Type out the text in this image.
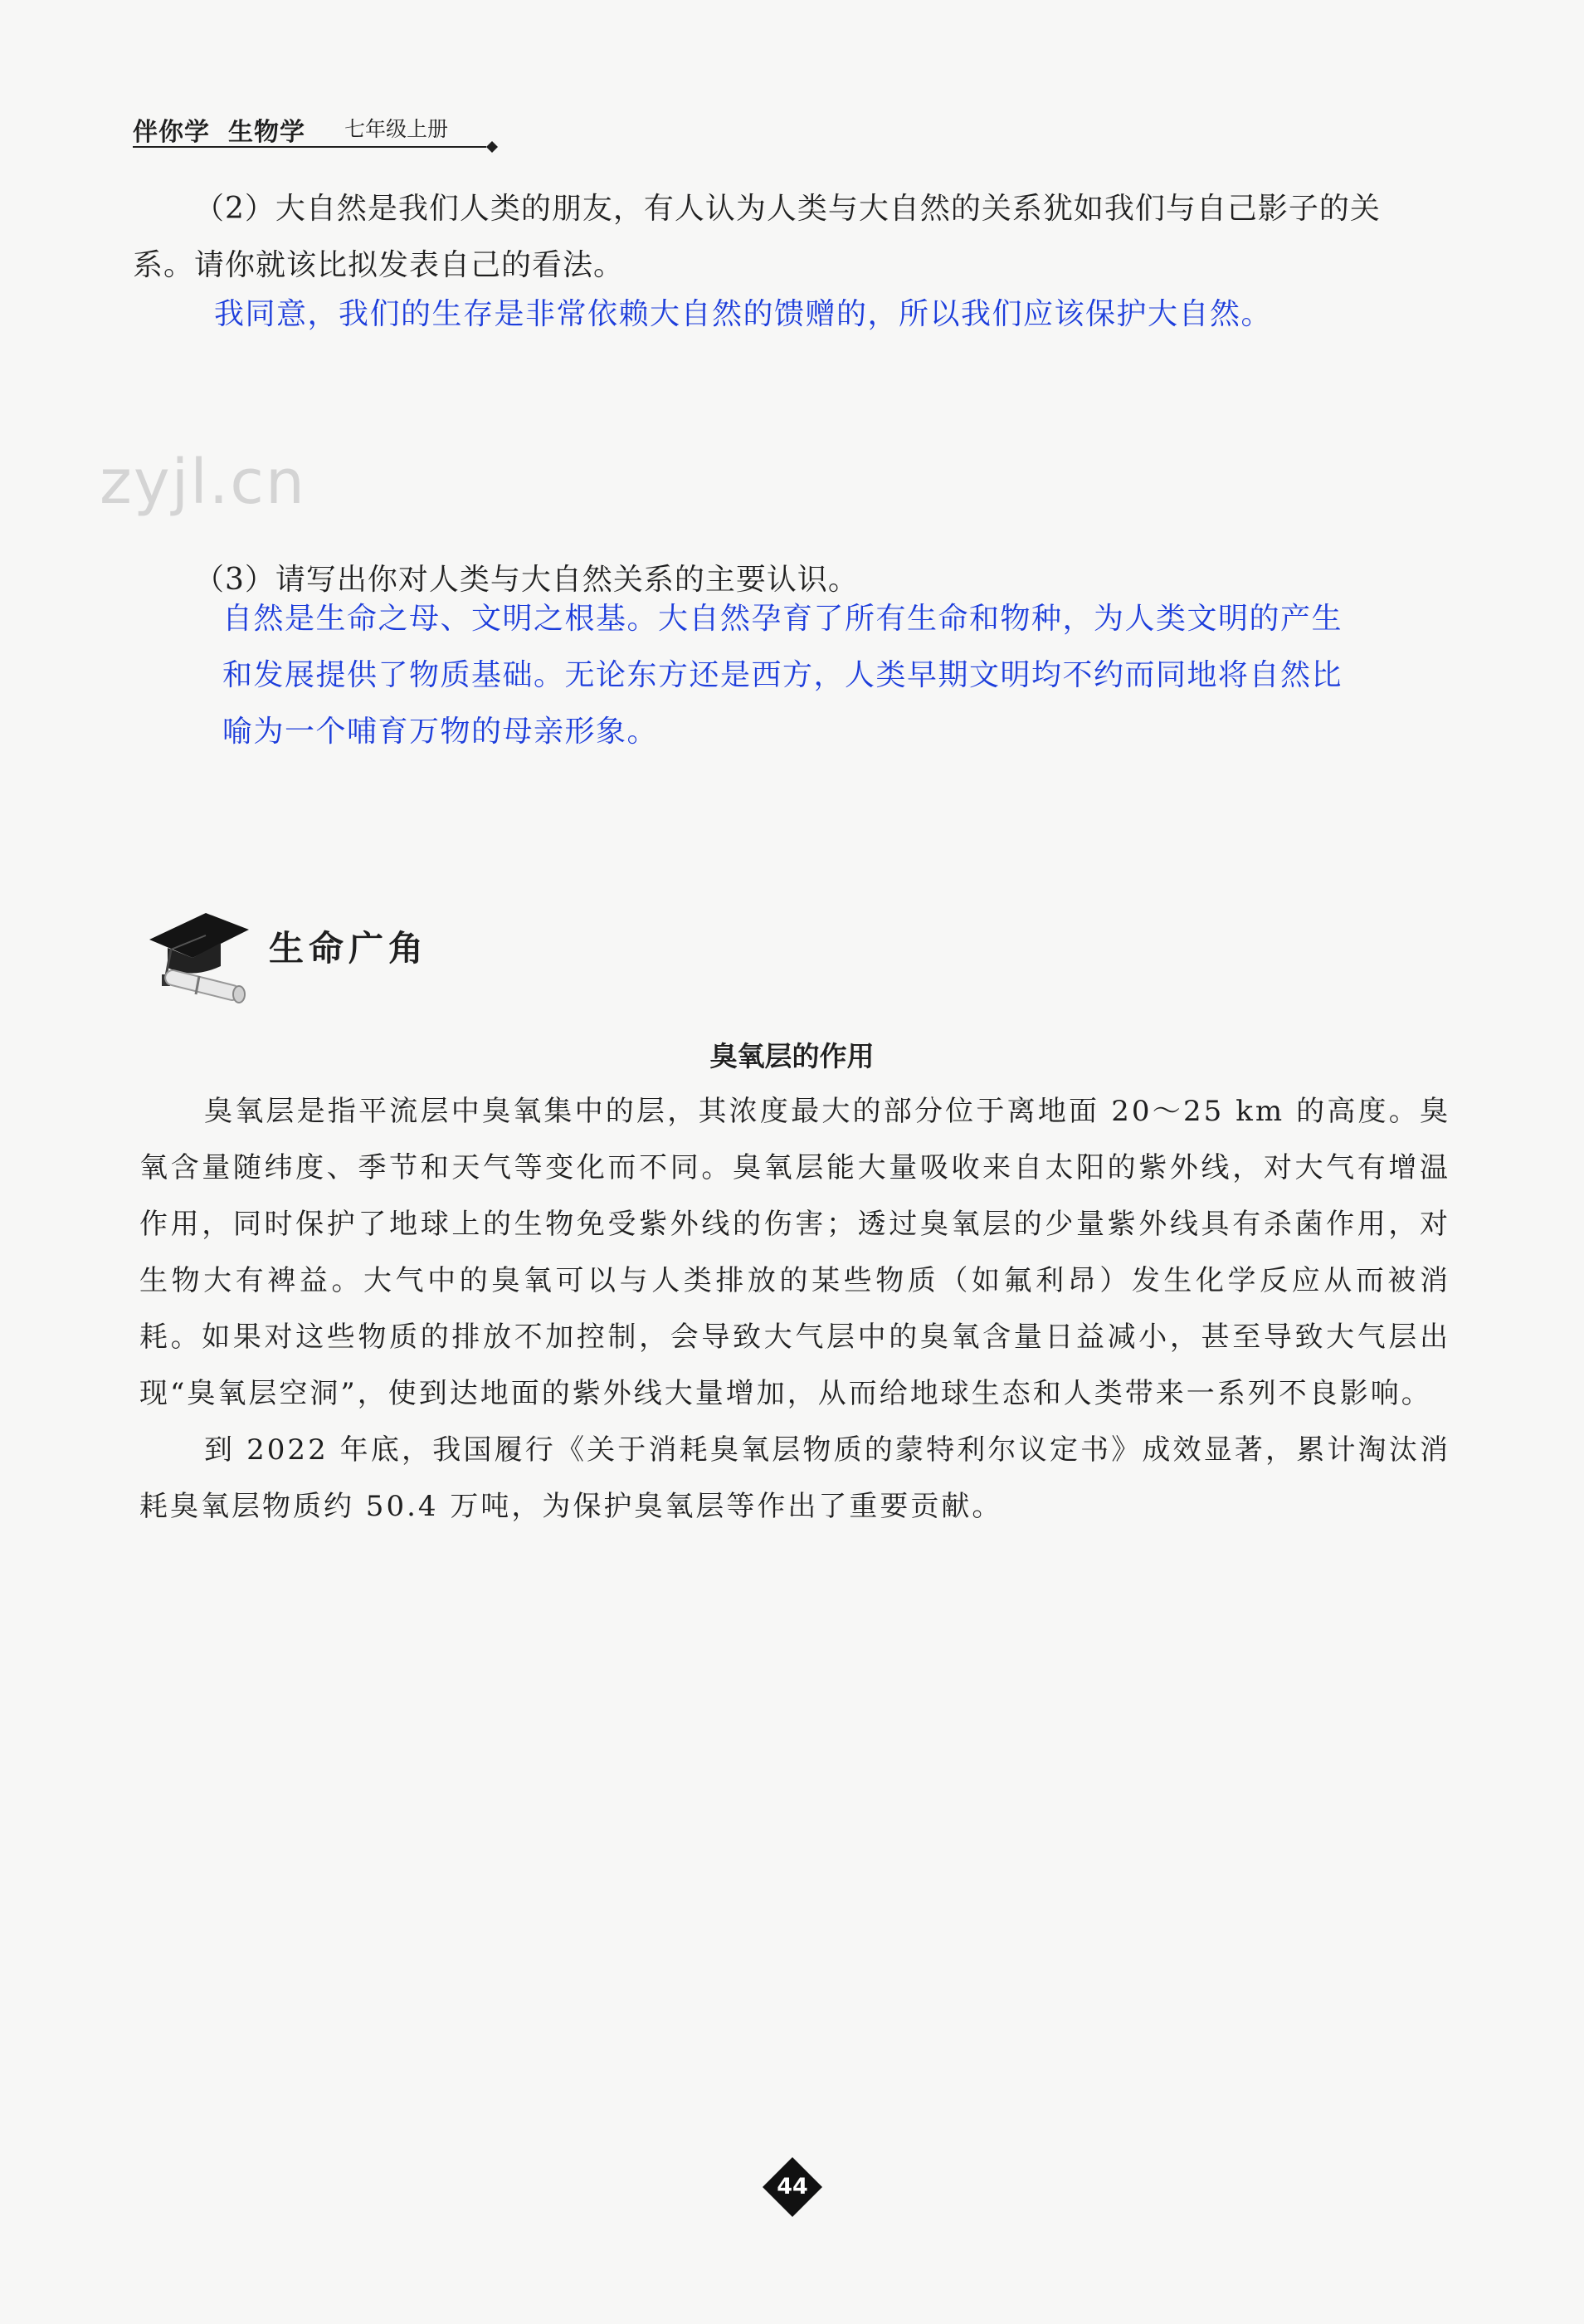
伴你学 生物学 七年级上册
（2）大自然是我们人类的朋友，有人认为人类与大自然的关系犹如我们与自己影子的关
系。请你就该比拟发表自己的看法。
我同意，我们的生存是非常依赖大自然的馈赠的，所以我们应该保护大自然。
zyjl.cn
（3）请写出你对人类与大自然关系的主要认识。
自然是生命之母、文明之根基。大自然孕育了所有生命和物种，为人类文明的产生
和发展提供了物质基础。无论东方还是西方，人类早期文明均不约而同地将自然比
喻为一个哺育万物的母亲形象。
生命广角
臭氧层的作用

臭氧层是指平流层中臭氧集中的层，其浓度最大的部分位于离地面 20～25 km 的高度。臭氧含量随纬度、季节和天气等变化而不同。臭氧层能大量吸收来自太阳的紫外线，对大气有增温作用，同时保护了地球上的生物免受紫外线的伤害；透过臭氧层的少量紫外线具有杀菌作用，对生物大有裨益。大气中的臭氧可以与人类排放的某些物质（如氟利昂）发生化学反应从而被消耗。如果对这些物质的排放不加控制，会导致大气层中的臭氧含量日益减小，甚至导致大气层出现“臭氧层空洞”，使到达地面的紫外线大量增加，从而给地球生态和人类带来一系列不良影响。

到 2022 年底，我国履行《关于消耗臭氧层物质的蒙特利尔议定书》成效显著，累计淘汰消耗臭氧层物质约 50.4 万吨，为保护臭氧层等作出了重要贡献。

44
